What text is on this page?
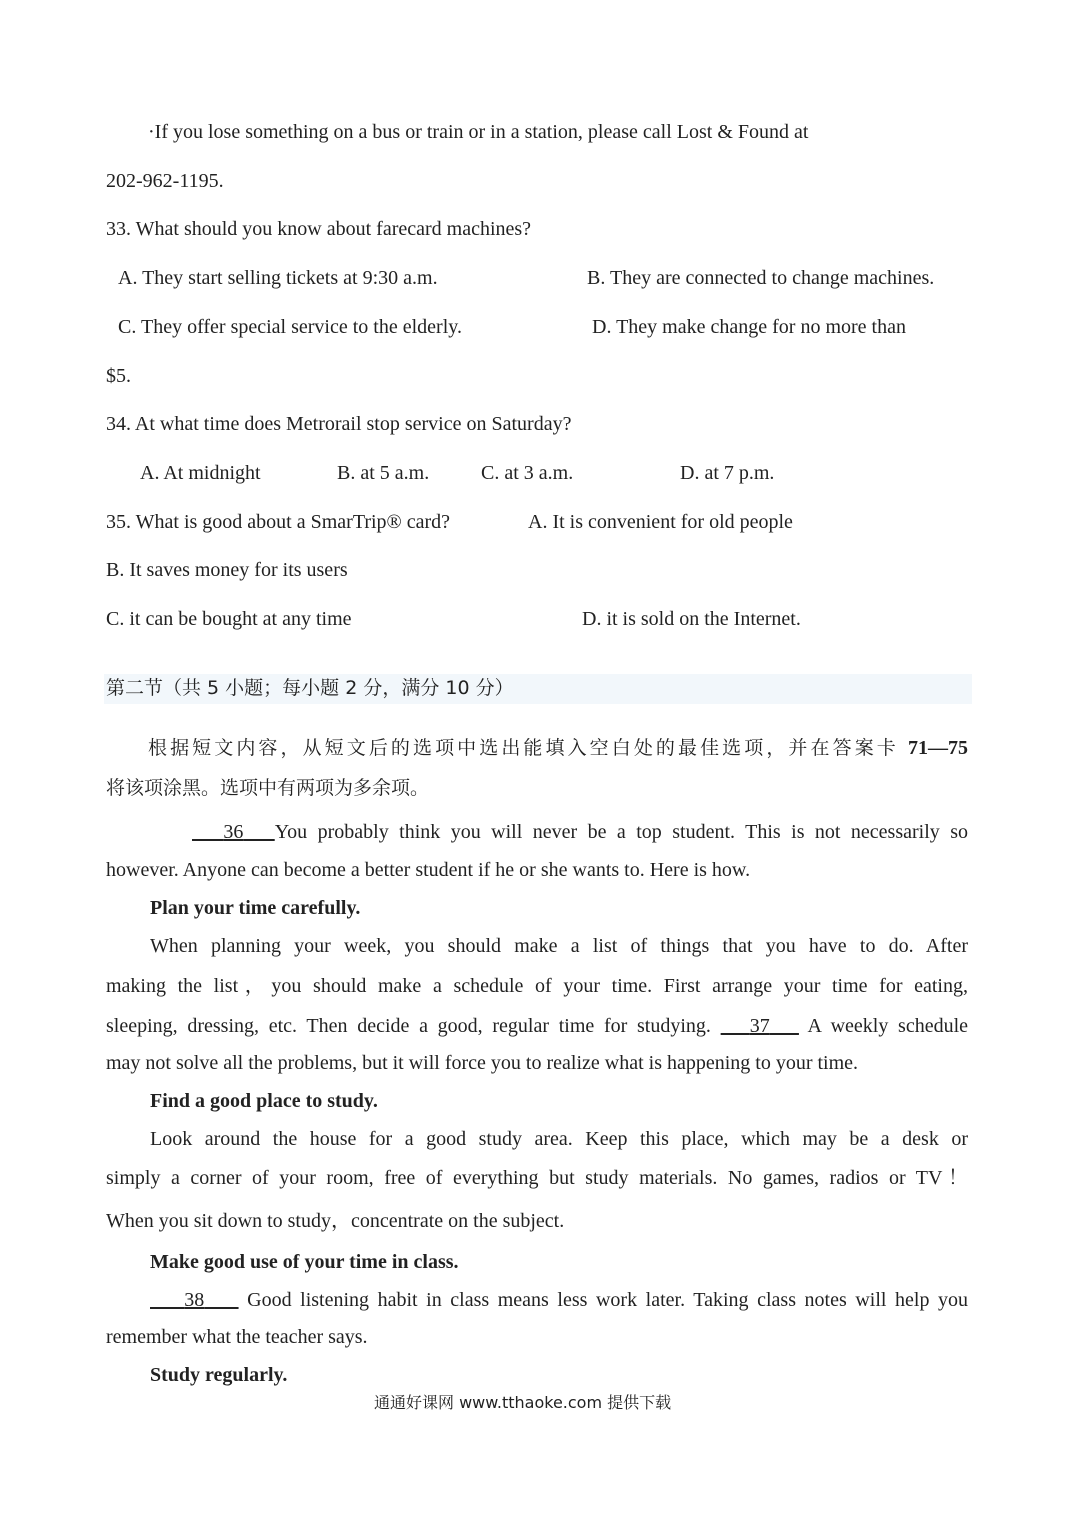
·If you lose something on a bus or train or in a station, please call Lost & Found at
202-962-1195.
33. What should you know about farecard machines?
A. They start selling tickets at 9:30 a.m.	B. They are connected to change machines.
C. They offer special service to the elderly.	D. They make change for no more than
$5.
34. At what time does Metrorail stop service on Saturday?
A. At midnight	B. at 5 a.m.	C. at 3 a.m.	D. at 7 p.m.
35. What is good about a SmarTrip® card?	A. It is convenient for old people
B. It saves money for its users
C. it can be bought at any time	D. it is sold on the Internet.
第二节（共 5 小题；每小题 2 分，满分 10 分）
根据短文内容，从短文后的选项中选出能填入空白处的最佳选项，并在答案卡 71—75
将该项涂黑。选项中有两项为多余项。
36 You probably think you will never be a top student. This is not necessarily so
however. Anyone can become a better student if he or she wants to. Here is how.
Plan your time carefully.
When planning your week, you should make a list of things that you have to do. After
making the list，you should make a schedule of your time. First arrange your time for eating,
sleeping, dressing, etc. Then decide a good, regular time for studying. 37 A weekly schedule
may not solve all the problems, but it will force you to realize what is happening to your time.
Find a good place to study.
Look around the house for a good study area. Keep this place, which may be a desk or
simply a corner of your room, free of everything but study materials. No games, radios or TV！
When you sit down to study，concentrate on the subject.
Make good use of your time in class.
38 Good listening habit in class means less work later. Taking class notes will help you
remember what the teacher says.
Study regularly.
通通好课网 www.tthaoke.com 提供下载
